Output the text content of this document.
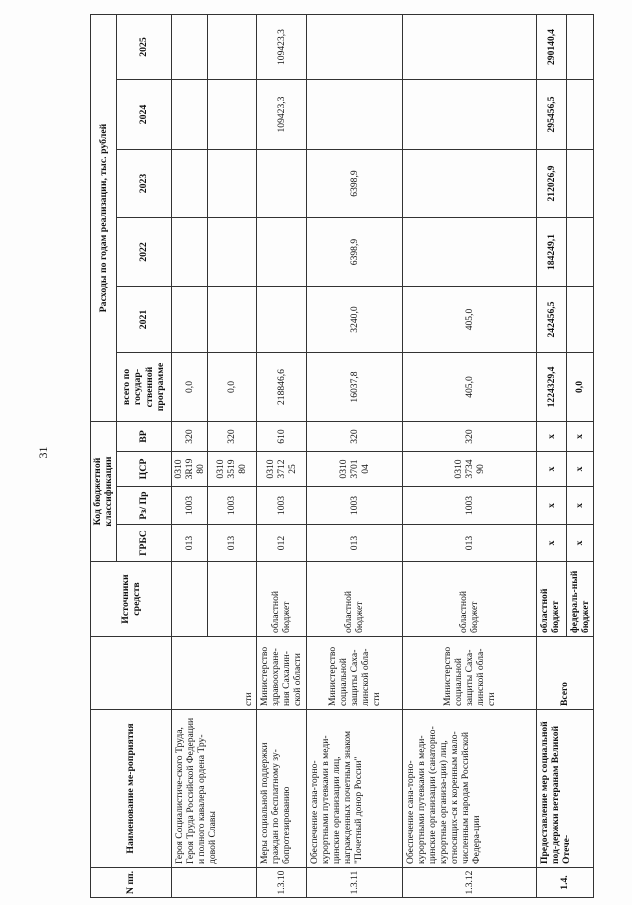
31
N пп.	Наименование ме-роприятия		Источники средств	Код бюджетной классификации				Расходы по годам реализации, тыс. рублей					
				ГРБС	Рз/ Пр	ЦСР	ВР	всего по государ-ственной программе	2021	2022	2023	2024	2025
	Героя Социалистиче-ского Труда, Героя Труда Российской Федерации и полного кавалера ордена Тру-довой Славы	сти		013	1003	0310 3R19 80	320	0,0					
				013	1003	0310 3519 80	320	0,0					
1.3.10	Меры социальной поддержки граждан по бесплатному зу-бопротезированию	Министерство здравоохране-ния Сахалин-ской области	областной бюджет	012	1003	0310 3712 25	610	218846,6				109423,3	109423,3
1.3.11	Обеспечение сана-торно-курортными путевками в меди-цинские организации лиц, награжденных почетным знаком "Почетный донор России"	Министерство социальной защиты Саха-линской обла-сти	областной бюджет	013	1003	0310 3701 04	320	16037,8	3240,0	6398,9	6398,9		
1.3.12	Обеспечение сана-торно-курортными путевками в меди-цинские организации (санаторно-курортные организа-ции) лиц, относящих-ся к коренным мало-численным народам Российской Федера-ции	Министерство социальной защиты Саха-линской обла-сти	областной бюджет	013	1003	0310 3734 90	320	405,0	405,0				
1.4.	Предоставление мер социальной под-держки ветеранам Великой Отече-	Всего	областной бюджет	x	x	x	x	1224329,4	242456,5	184249,1	212026,9	295456,5	290140,4
			федераль-ный бюджет	x	x	x	x	0,0					
